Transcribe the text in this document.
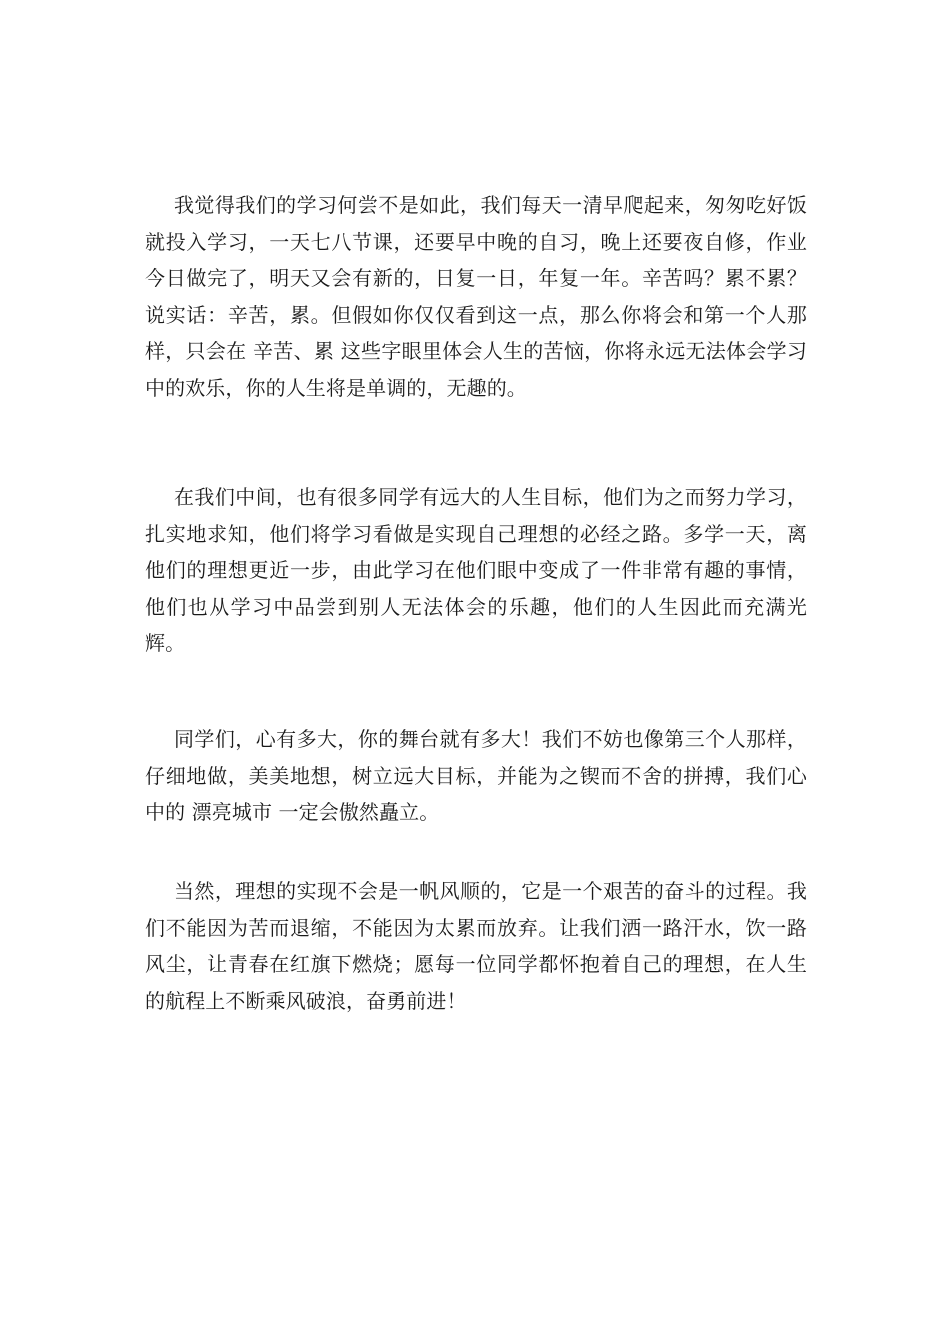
我觉得我们的学习何尝不是如此，我们每天一清早爬起来，匆匆吃好饭就投入学习，一天七八节课，还要早中晚的自习，晚上还要夜自修，作业今日做完了，明天又会有新的，日复一日，年复一年。辛苦吗？累不累？说实话：辛苦，累。但假如你仅仅看到这一点，那么你将会和第一个人那样，只会在 辛苦、累 这些字眼里体会人生的苦恼，你将永远无法体会学习中的欢乐，你的人生将是单调的，无趣的。

在我们中间，也有很多同学有远大的人生目标，他们为之而努力学习，扎实地求知，他们将学习看做是实现自己理想的必经之路。多学一天，离他们的理想更近一步，由此学习在他们眼中变成了一件非常有趣的事情，他们也从学习中品尝到别人无法体会的乐趣，他们的人生因此而充满光辉。

同学们，心有多大，你的舞台就有多大！我们不妨也像第三个人那样，仔细地做，美美地想，树立远大目标，并能为之锲而不舍的拼搏，我们心中的 漂亮城市 一定会傲然矗立。

当然，理想的实现不会是一帆风顺的，它是一个艰苦的奋斗的过程。我们不能因为苦而退缩，不能因为太累而放弃。让我们洒一路汗水，饮一路风尘，让青春在红旗下燃烧；愿每一位同学都怀抱着自己的理想，在人生的航程上不断乘风破浪，奋勇前进！
